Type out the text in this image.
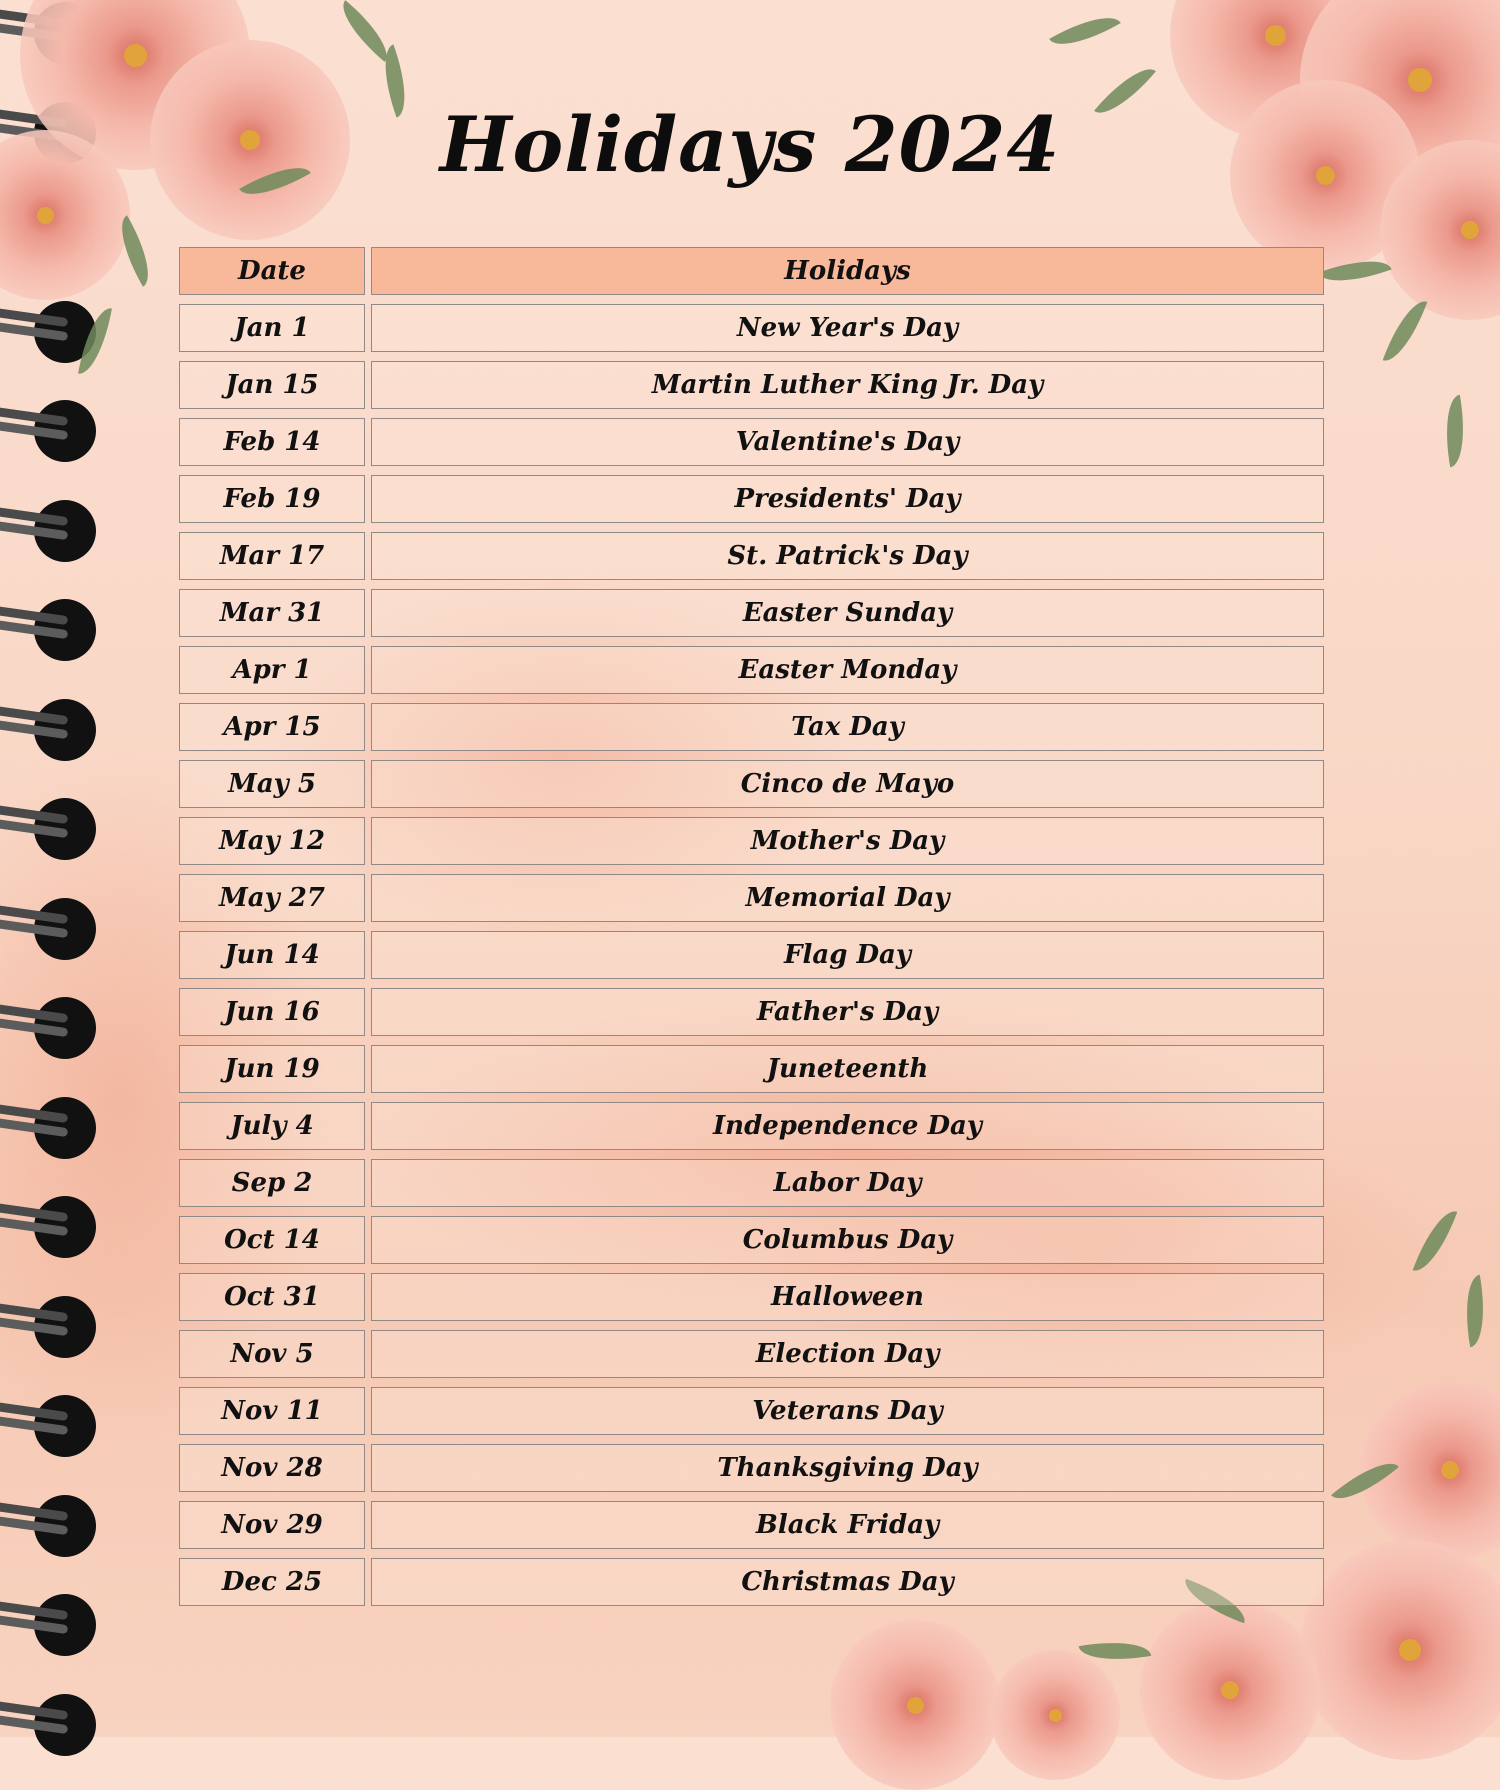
Holidays 2024
Date	Holidays
Jan 1	New Year's Day
Jan 15	Martin Luther King Jr. Day
Feb 14	Valentine's Day
Feb 19	Presidents' Day
Mar 17	St. Patrick's Day
Mar 31	Easter Sunday
Apr 1	Easter Monday
Apr 15	Tax Day
May 5	Cinco de Mayo
May 12	Mother's Day
May 27	Memorial Day
Jun 14	Flag Day
Jun 16	Father's Day
Jun 19	Juneteenth
July 4	Independence Day
Sep 2	Labor Day
Oct 14	Columbus Day
Oct 31	Halloween
Nov 5	Election Day
Nov 11	Veterans Day
Nov 28	Thanksgiving Day
Nov 29	Black Friday
Dec 25	Christmas Day
